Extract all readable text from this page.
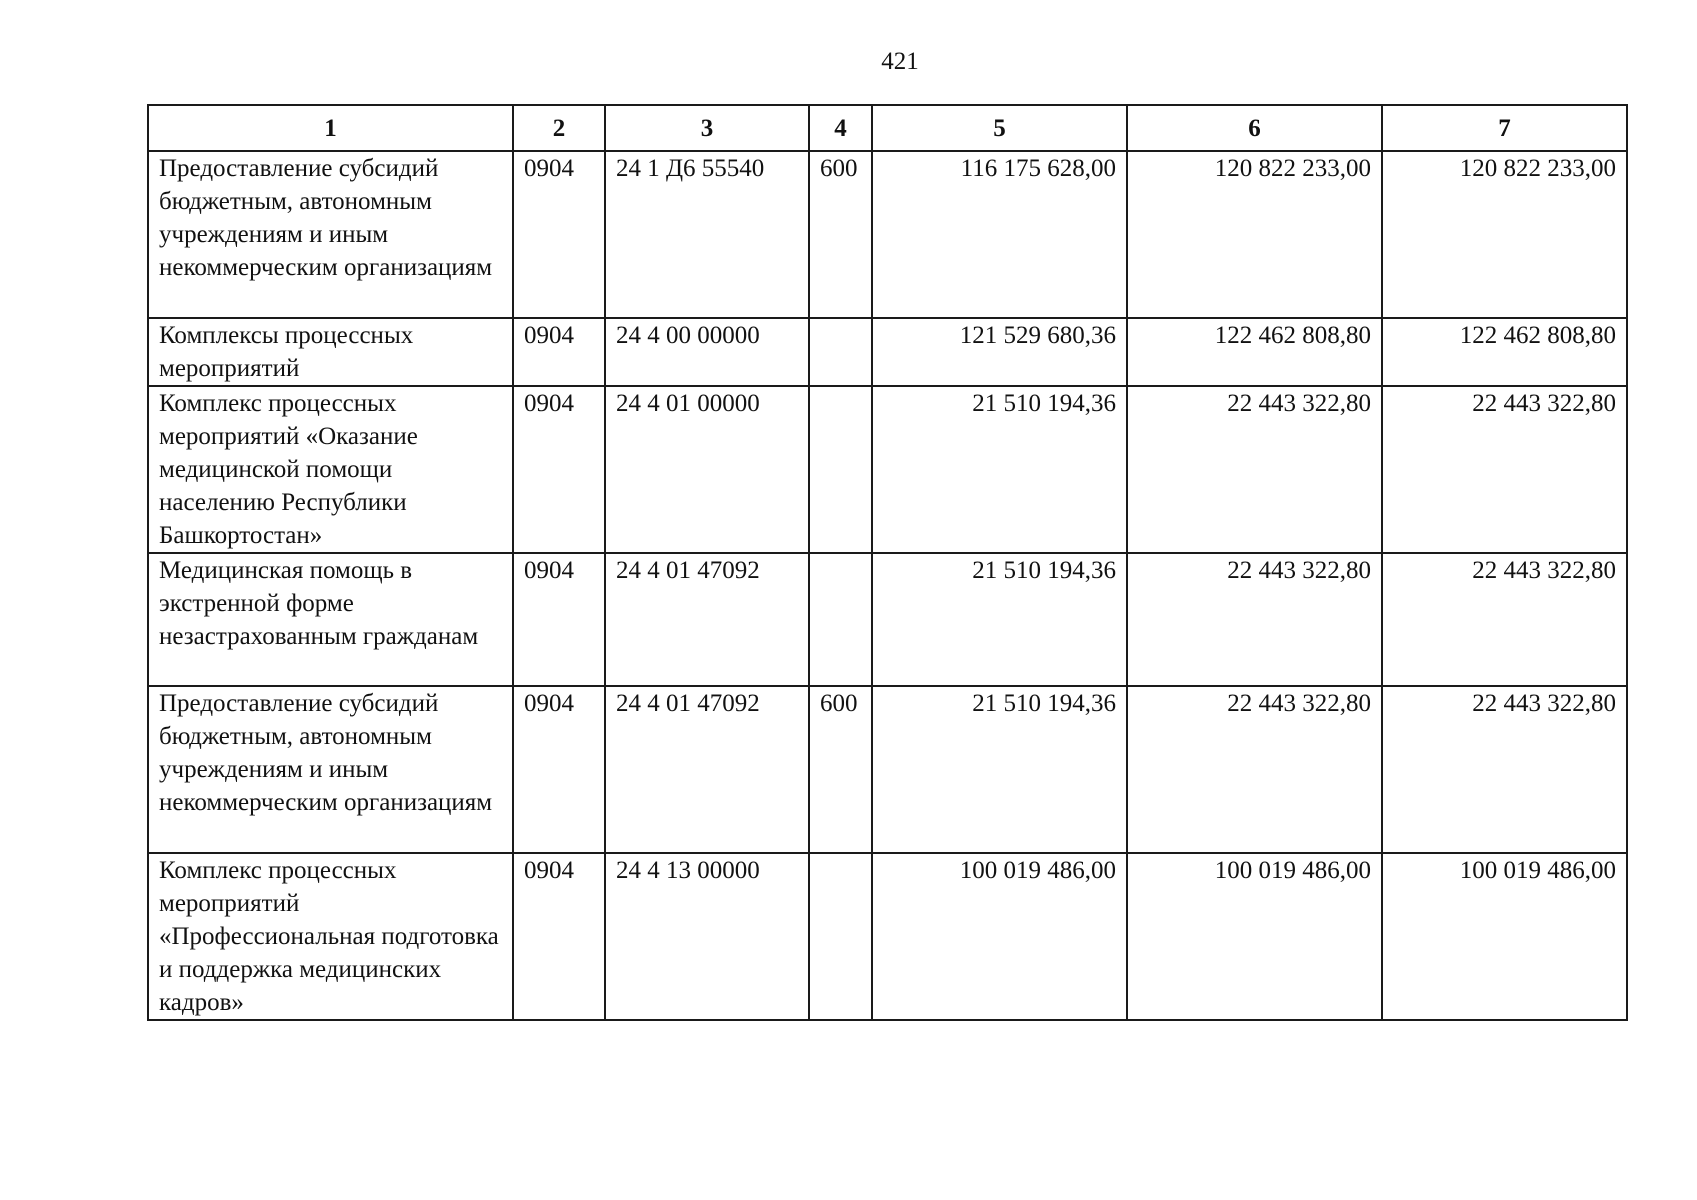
421
1	2	3	4	5	6	7
Предоставление субсидий бюджетным, автономным учреждениям и иным некоммерческим организациям	0904	24 1 Д6 55540	600	116 175 628,00	120 822 233,00	120 822 233,00
Комплексы процессных мероприятий	0904	24 4 00 00000		121 529 680,36	122 462 808,80	122 462 808,80
Комплекс процессных мероприятий «Оказание медицинской помощи населению Республики Башкортостан»	0904	24 4 01 00000		21 510 194,36	22 443 322,80	22 443 322,80
Медицинская помощь в экстренной форме незастрахованным гражданам	0904	24 4 01 47092		21 510 194,36	22 443 322,80	22 443 322,80
Предоставление субсидий бюджетным, автономным учреждениям и иным некоммерческим организациям	0904	24 4 01 47092	600	21 510 194,36	22 443 322,80	22 443 322,80
Комплекс процессных мероприятий «Профессиональная подготовка и поддержка медицинских кадров»	0904	24 4 13 00000		100 019 486,00	100 019 486,00	100 019 486,00
